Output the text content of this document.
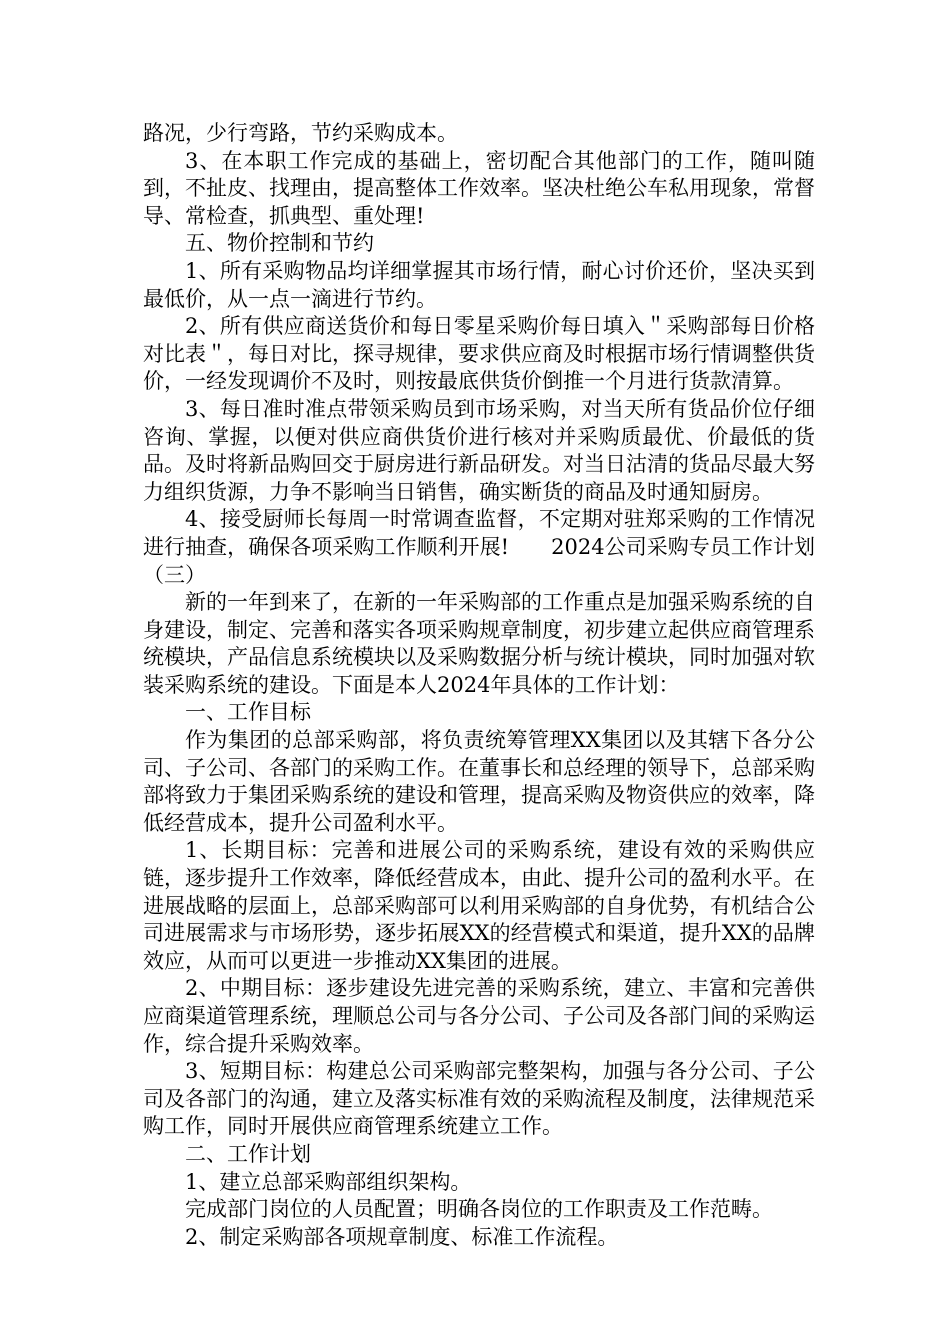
路况，少行弯路，节约采购成本。

3、在本职工作完成的基础上，密切配合其他部门的工作，随叫随到，不扯皮、找理由，提高整体工作效率。坚决杜绝公车私用现象，常督导、常检查，抓典型、重处理!

五、物价控制和节约

1、所有采购物品均详细掌握其市场行情，耐心讨价还价，坚决买到最低价，从一点一滴进行节约。

2、所有供应商送货价和每日零星采购价每日填入＂采购部每日价格对比表＂，每日对比，探寻规律，要求供应商及时根据市场行情调整供货价，一经发现调价不及时，则按最底供货价倒推一个月进行货款清算。

3、每日准时准点带领采购员到市场采购，对当天所有货品价位仔细咨询、掌握，以便对供应商供货价进行核对并采购质最优、价最低的货品。及时将新品购回交于厨房进行新品研发。对当日沽清的货品尽最大努力组织货源，力争不影响当日销售，确实断货的商品及时通知厨房。

4、接受厨师长每周一时常调查监督，不定期对驻郑采购的工作情况进行抽查，确保各项采购工作顺利开展!　　2024公司采购专员工作计划（三）

新的一年到来了，在新的一年采购部的工作重点是加强采购系统的自身建设，制定、完善和落实各项采购规章制度，初步建立起供应商管理系统模块，产品信息系统模块以及采购数据分析与统计模块，同时加强对软装采购系统的建设。下面是本人2024年具体的工作计划：

一、工作目标

作为集团的总部采购部，将负责统筹管理XX集团以及其辖下各分公司、子公司、各部门的采购工作。在董事长和总经理的领导下，总部采购部将致力于集团采购系统的建设和管理，提高采购及物资供应的效率，降低经营成本，提升公司盈利水平。

1、长期目标：完善和进展公司的采购系统，建设有效的采购供应链，逐步提升工作效率，降低经营成本，由此、提升公司的盈利水平。在进展战略的层面上，总部采购部可以利用采购部的自身优势，有机结合公司进展需求与市场形势，逐步拓展XX的经营模式和渠道，提升XX的品牌效应，从而可以更进一步推动XX集团的进展。

2、中期目标：逐步建设先进完善的采购系统，建立、丰富和完善供应商渠道管理系统，理顺总公司与各分公司、子公司及各部门间的采购运作，综合提升采购效率。

3、短期目标：构建总公司采购部完整架构，加强与各分公司、子公司及各部门的沟通，建立及落实标准有效的采购流程及制度，法律规范采购工作，同时开展供应商管理系统建立工作。

二、工作计划

1、建立总部采购部组织架构。

完成部门岗位的人员配置；明确各岗位的工作职责及工作范畴。

2、制定采购部各项规章制度、标准工作流程。
